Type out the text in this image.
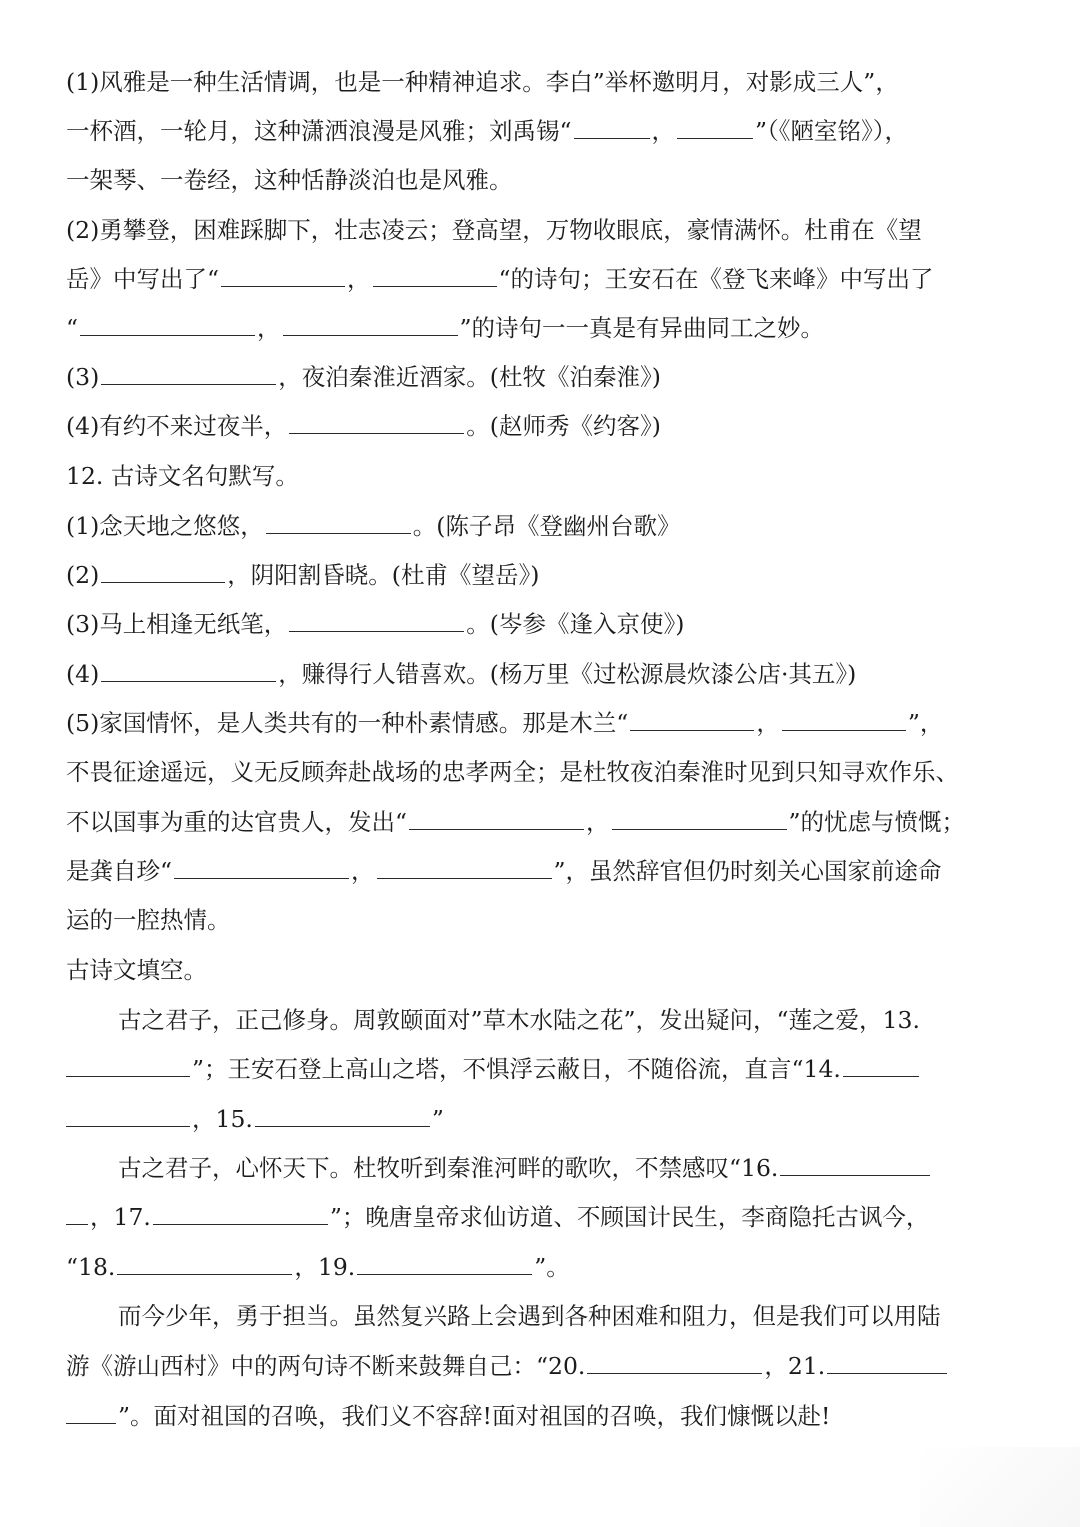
(1)风雅是一种生活情调，也是一种精神追求。李白”举杯邀明月，对影成三人”，
一杯酒，一轮月，这种潇洒浪漫是风雅；刘禹锡“	，	”（《陋室铭》），
一架琴、一卷经，这种恬静淡泊也是风雅。
(2)勇攀登，困难踩脚下，壮志凌云；登高望，万物收眼底，豪情满怀。杜甫在《望
岳》中写出了“	，	“的诗句；王安石在《登飞来峰》中写出了
“	，	”的诗句一一真是有异曲同工之妙。
(3)	，夜泊秦淮近酒家。(杜牧《泊秦淮》)
(4)有约不来过夜半，	。(赵师秀《约客》)
12. 古诗文名句默写。
(1)念天地之悠悠，	。(陈子昂《登幽州台歌》
(2)	，阴阳割昏晓。(杜甫《望岳》)
(3)马上相逢无纸笔，	。(岑参《逢入京使》)
(4)	，赚得行人错喜欢。(杨万里《过松源晨炊漆公店·其五》)
(5)家国情怀，是人类共有的一种朴素情感。那是木兰“	，	”，
不畏征途遥远，义无反顾奔赴战场的忠孝两全；是杜牧夜泊秦淮时见到只知寻欢作乐、
不以国事为重的达官贵人，发出“	，	”的忧虑与愤慨；
是龚自珍“	，	”，虽然辞官但仍时刻关心国家前途命
运的一腔热情。
古诗文填空。
古之君子，正己修身。周敦颐面对”草木水陆之花”，发出疑问，“莲之爱，13.
”；王安石登上高山之塔，不惧浮云蔽日，不随俗流，直言“14.
，15.	”
古之君子，心怀天下。杜牧听到秦淮河畔的歌吹，不禁感叹“16.
，17.	”；晚唐皇帝求仙访道、不顾国计民生，李商隐托古讽今，
“18.	，19.	”。
而今少年，勇于担当。虽然复兴路上会遇到各种困难和阻力，但是我们可以用陆
游《游山西村》中的两句诗不断来鼓舞自己：“20.	，21.
”。面对祖国的召唤，我们义不容辞!面对祖国的召唤，我们慷慨以赴!
